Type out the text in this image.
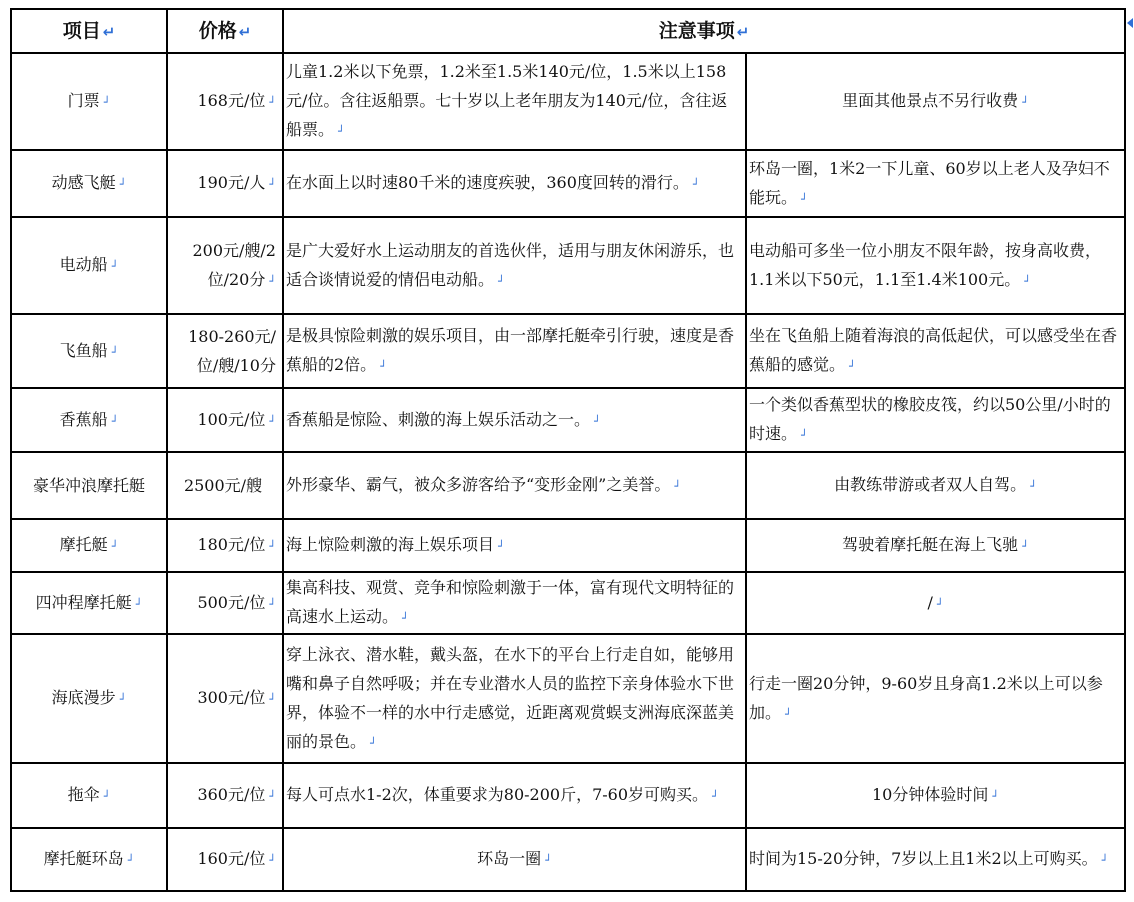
项目 ↵	价格 ↵	注意事项 ↵	
门票 ┘	168元/位 ┘	儿童1.2米以下免票，1.2米至1.5米140元/位，1.5米以上158元/位。含往返船票。七十岁以上老年朋友为140元/位，含往返船票。 ┘	里面其他景点不另行收费 ┘
动感飞艇 ┘	190元/人 ┘	在水面上以时速80千米的速度疾驶，360度回转的滑行。 ┘	环岛一圈，1米2一下儿童、60岁以上老人及孕妇不能玩。 ┘
电动船 ┘	200元/艘/2位/20分 ┘	是广大爱好水上运动朋友的首选伙伴，适用与朋友休闲游乐，也适合谈情说爱的情侣电动船。 ┘	电动船可多坐一位小朋友不限年龄，按身高收费，1.1米以下50元，1.1至1.4米100元。 ┘
飞鱼船 ┘	180-260元/位/艘/10分	是极具惊险刺激的娱乐项目，由一部摩托艇牵引行驶，速度是香蕉船的2倍。 ┘	坐在飞鱼船上随着海浪的高低起伏，可以感受坐在香蕉船的感觉。 ┘
香蕉船 ┘	100元/位 ┘	香蕉船是惊险、刺激的海上娱乐活动之一。 ┘	一个类似香蕉型状的橡胶皮筏，约以50公里/小时的时速。 ┘
豪华冲浪摩托艇	2500元/艘	外形豪华、霸气，被众多游客给予“变形金刚”之美誉。 ┘	由教练带游或者双人自驾。 ┘
摩托艇 ┘	180元/位 ┘	海上惊险刺激的海上娱乐项目 ┘	驾驶着摩托艇在海上飞驰 ┘
四冲程摩托艇 ┘	500元/位 ┘	集高科技、观赏、竞争和惊险刺激于一体，富有现代文明特征的高速水上运动。 ┘	/ ┘
海底漫步 ┘	300元/位 ┘	穿上泳衣、潜水鞋，戴头盔，在水下的平台上行走自如，能够用嘴和鼻子自然呼吸；并在专业潜水人员的监控下亲身体验水下世界，体验不一样的水中行走感觉，近距离观赏蜈支洲海底深蓝美丽的景色。 ┘	行走一圈20分钟，9-60岁且身高1.2米以上可以参加。 ┘
拖伞 ┘	360元/位 ┘	每人可点水1-2次，体重要求为80-200斤，7-60岁可购买。 ┘	10分钟体验时间 ┘
摩托艇环岛 ┘	160元/位 ┘	环岛一圈 ┘	时间为15-20分钟，7岁以上且1米2以上可购买。 ┘
